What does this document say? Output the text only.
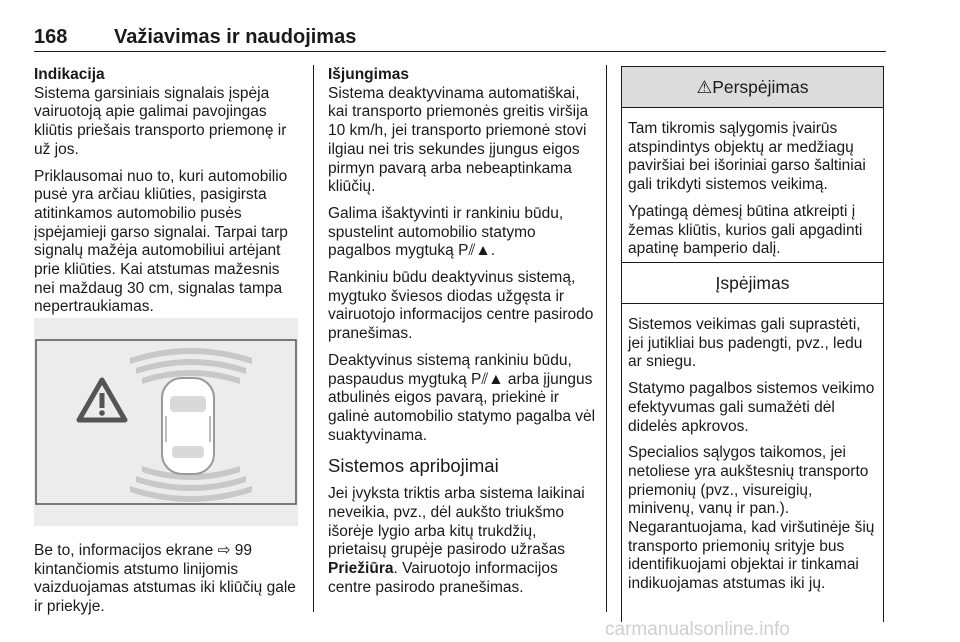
168 Važiavimas ir naudojimas
Indikacija

Sistema garsiniais signalais įspėja vairuotoją apie galimai pavojingas kliūtis priešais transporto priemonę ir už jos.

Priklausomai nuo to, kuri automobilio pusė yra arčiau kliūties, pasigirsta atitinkamos automobilio pusės įspėjamieji garso signalai. Tarpai tarp signalų mažėja automobiliui artėjant prie kliūties. Kai atstumas mažesnis nei maždaug 30 cm, signalas tampa nepertraukiamas.

Be to, informacijos ekrane ⇨ 99 kintančiomis atstumo linijomis vaizduojamas atstumas iki kliūčių gale ir priekyje.
Išjungimas

Sistema deaktyvinama automatiškai, kai transporto priemonės greitis viršija 10 km/h, jei transporto priemonė stovi ilgiau nei tris sekundes įjungus eigos pirmyn pavarą arba nebeaptinkama kliūčių.

Galima išaktyvinti ir rankiniu būdu, spustelint automobilio statymo pagalbos mygtuką P⫽▲.

Rankiniu būdu deaktyvinus sistemą, mygtuko šviesos diodas užgęsta ir vairuotojo informacijos centre pasirodo pranešimas.

Deaktyvinus sistemą rankiniu būdu, paspaudus mygtuką P⫽▲ arba įjungus atbulinės eigos pavarą, priekinė ir galinė automobilio statymo pagalba vėl suaktyvinama.

Sistemos apribojimai

Jei įvyksta triktis arba sistema laikinai neveikia, pvz., dėl aukšto triukšmo išorėje lygio arba kitų trukdžių, prietaisų grupėje pasirodo užrašas Priežiūra. Vairuotojo informacijos centre pasirodo pranešimas.

⚠Perspėjimas

Tam tikromis sąlygomis įvairūs atspindintys objektų ar medžiagų paviršiai bei išoriniai garso šaltiniai gali trikdyti sistemos veikimą.

Ypatingą dėmesį būtina atkreipti į žemas kliūtis, kurios gali apgadinti apatinę bamperio dalį.

Įspėjimas

Sistemos veikimas gali suprastėti, jei jutikliai bus padengti, pvz., ledu ar sniegu.

Statymo pagalbos sistemos veikimo efektyvumas gali sumažėti dėl didelės apkrovos.

Specialios sąlygos taikomos, jei netoliese yra aukštesnių transporto priemonių (pvz., visureigių, minivenų, vanų ir pan.). Negarantuojama, kad viršutinėje šių transporto priemonių srityje bus identifikuojami objektai ir tinkamai indikuojamas atstumas iki jų.

carmanualsonline.info
